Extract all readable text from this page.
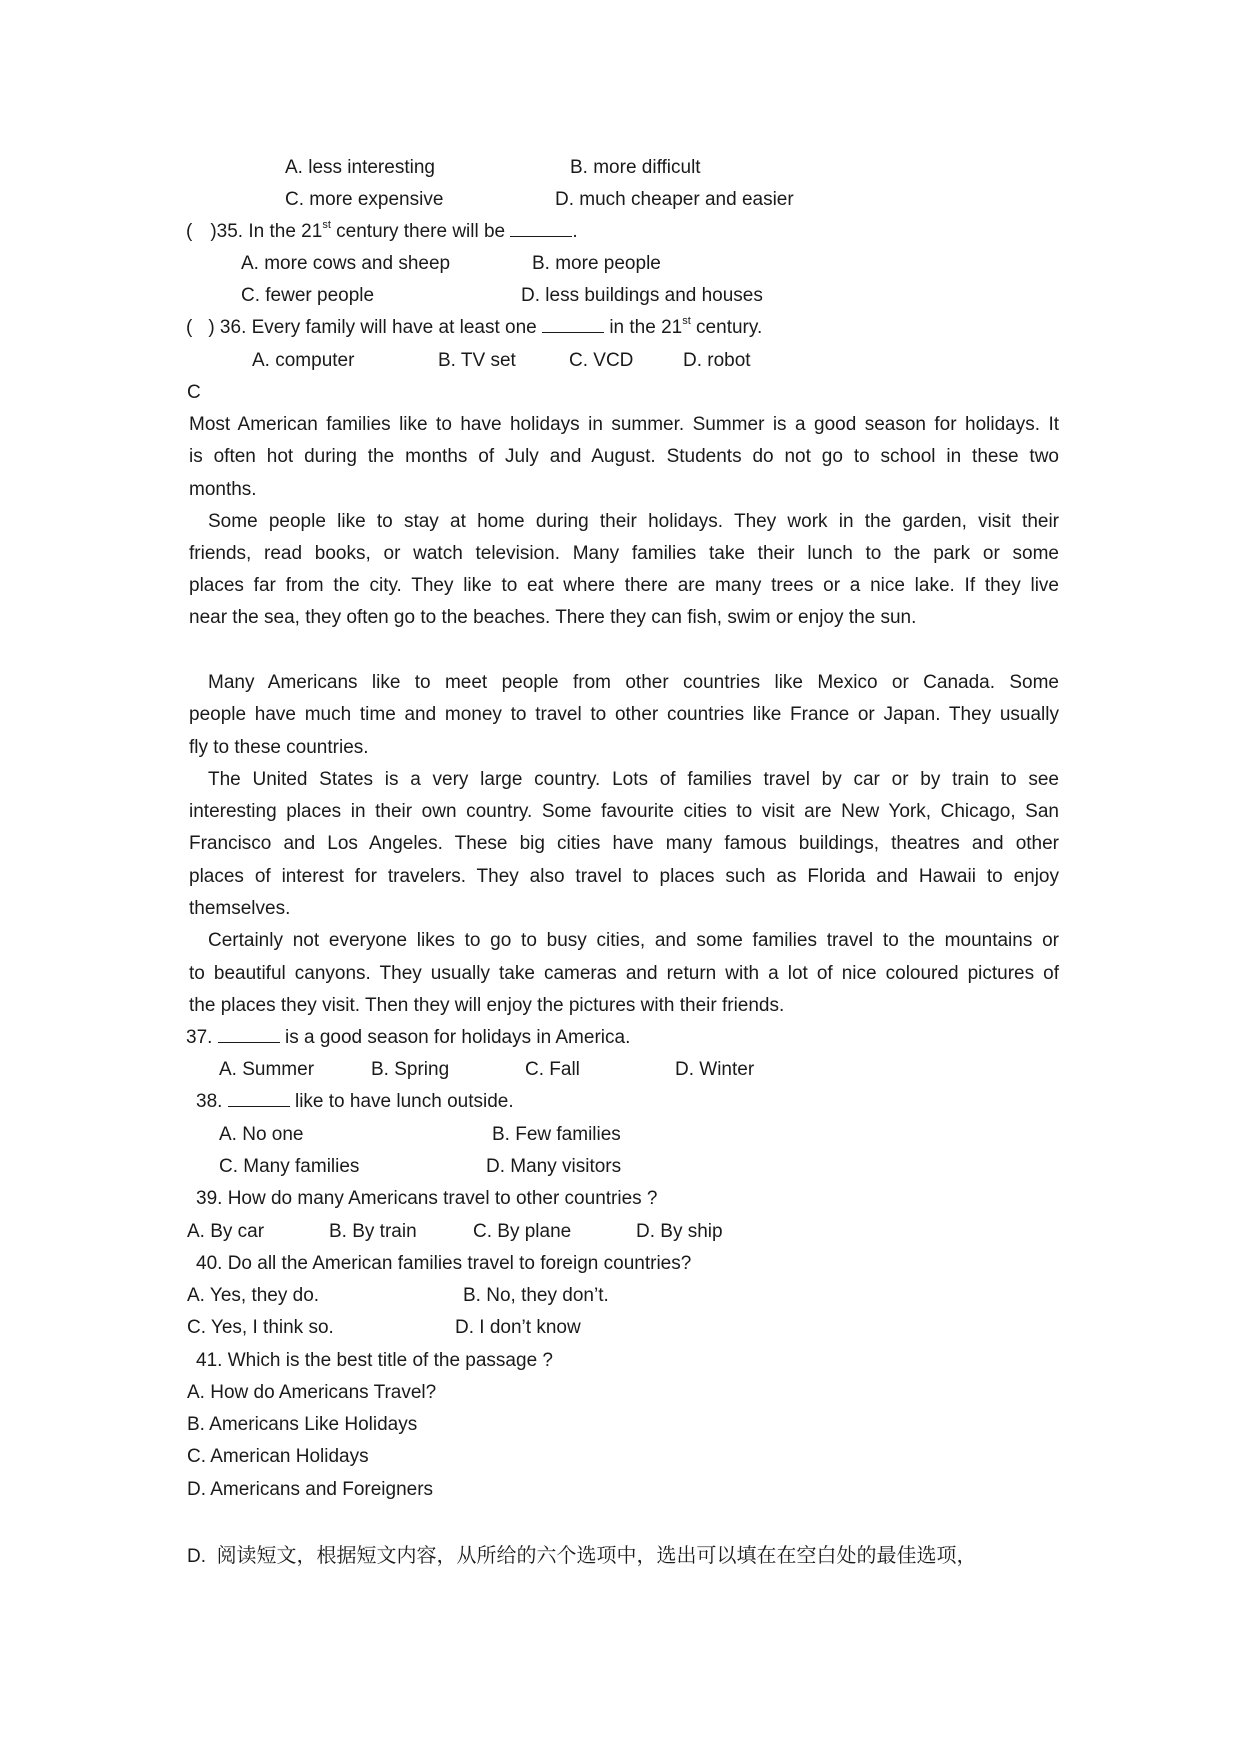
A. less interesting	B. more difficult
C. more expensive	D. much cheaper and easier
( )35. In the 21st century there will be	.
A. more cows and sheep	B. more people
C. fewer people	D. less buildings and houses
( ) 36. Every family will have at least one	in the 21st century.
A. computer	B. TV set	C. VCD	D. robot
C
Most American families like to have holidays in summer. Summer is a good season for holidays. It
is often hot during the months of July and August. Students do not go to school in these two
months.
Some people like to stay at home during their holidays. They work in the garden, visit their
friends, read books, or watch television. Many families take their lunch to the park or some
places far from the city. They like to eat where there are many trees or a nice lake. If they live
near the sea, they often go to the beaches. There they can fish, swim or enjoy the sun.
Many Americans like to meet people from other countries like Mexico or Canada. Some
people have much time and money to travel to other countries like France or Japan. They usually
fly to these countries.
The United States is a very large country. Lots of families travel by car or by train to see
interesting places in their own country. Some favourite cities to visit are New York, Chicago, San
Francisco and Los Angeles. These big cities have many famous buildings, theatres and other
places of interest for travelers. They also travel to places such as Florida and Hawaii to enjoy
themselves.
Certainly not everyone likes to go to busy cities, and some families travel to the mountains or
to beautiful canyons. They usually take cameras and return with a lot of nice coloured pictures of
the places they visit. Then they will enjoy the pictures with their friends.
37.	is a good season for holidays in America.
A. Summer	B. Spring	C. Fall	D. Winter
38.	like to have lunch outside.
A. No one	B. Few families
C. Many families	D. Many visitors
39. How do many Americans travel to other countries ?
A. By car	B. By train	C. By plane	D. By ship
40. Do all the American families travel to foreign countries?
A. Yes, they do.	B. No, they don’t.
C. Yes, I think so.	D. I don’t know
41. Which is the best title of the passage ?
A. How do Americans Travel?
B. Americans Like Holidays
C. American Holidays
D. Americans and Foreigners
D. 阅读短文，根据短文内容，从所给的六个选项中，选出可以填在在空白处的最佳选项，
